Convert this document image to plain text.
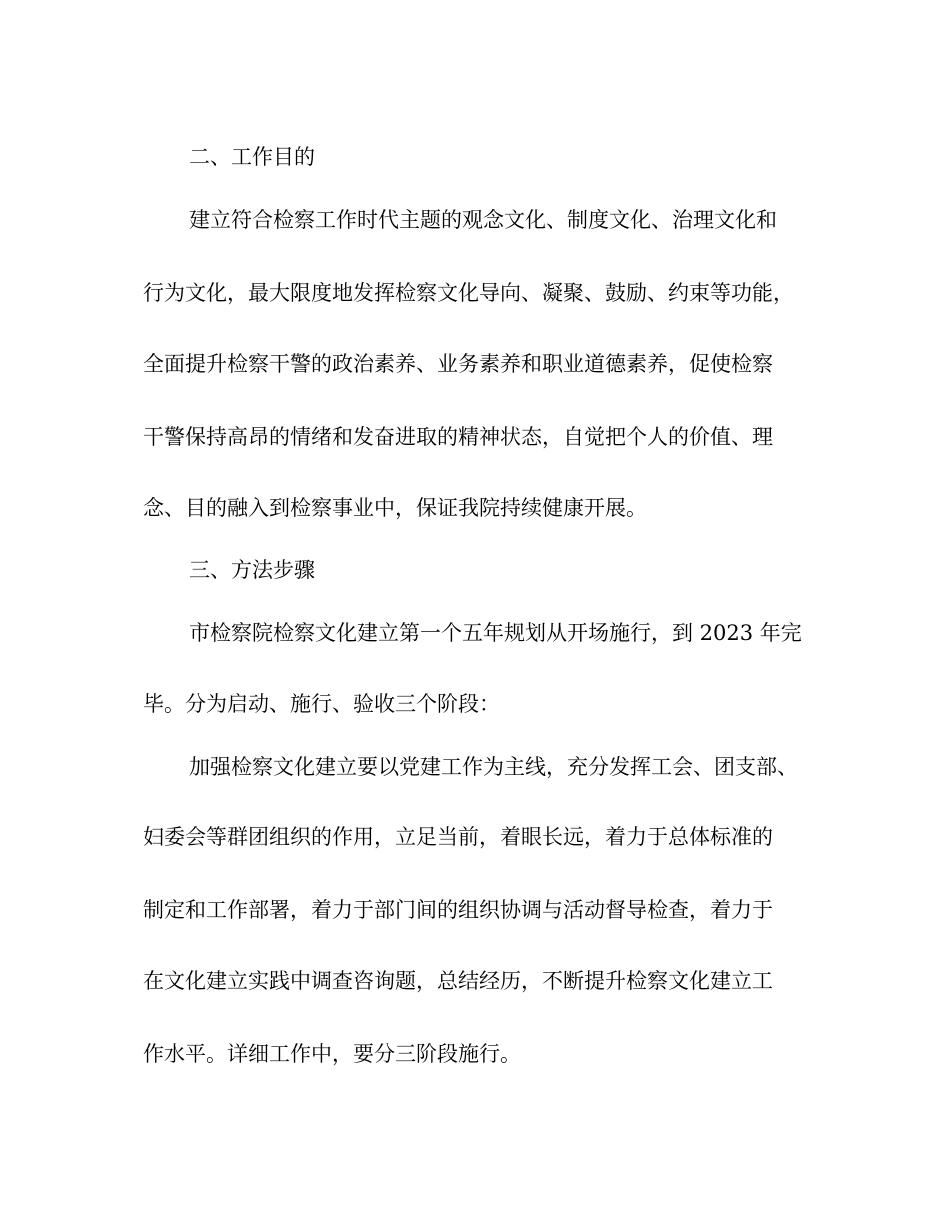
二、工作目的

建立符合检察工作时代主题的观念文化、制度文化、治理文化和

行为文化，最大限度地发挥检察文化导向、凝聚、鼓励、约束等功能，

全面提升检察干警的政治素养、业务素养和职业道德素养，促使检察

干警保持高昂的情绪和发奋进取的精神状态，自觉把个人的价值、理

念、目的融入到检察事业中，保证我院持续健康开展。

三、方法步骤

市检察院检察文化建立第一个五年规划从开场施行，到 2023 年完

毕。分为启动、施行、验收三个阶段：

加强检察文化建立要以党建工作为主线，充分发挥工会、团支部、

妇委会等群团组织的作用，立足当前，着眼长远，着力于总体标准的

制定和工作部署，着力于部门间的组织协调与活动督导检查，着力于

在文化建立实践中调查咨询题，总结经历，不断提升检察文化建立工

作水平。详细工作中，要分三阶段施行。
